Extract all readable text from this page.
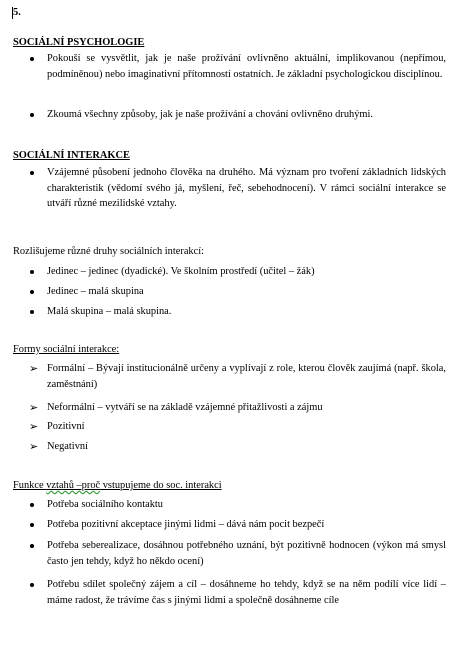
5.
SOCIÁLNÍ PSYCHOLOGIE
Pokouší se vysvětlit, jak je naše prožívání ovlivněno aktuální, implikovanou (nepřímou, podmíněnou) nebo imaginativní přítomností ostatních. Je základní psychologickou disciplínou.
Zkoumá všechny způsoby, jak je naše prožívání a chování ovlivněno druhými.
SOCIÁLNÍ INTERAKCE
Vzájemné působení jednoho člověka na druhého. Má význam pro tvoření základních lidských charakteristik (vědomí svého já, myšlení, řeč, sebehodnocení). V rámci sociální interakce se utváří různé mezilidské vztahy.
Rozlišujeme různé druhy sociálních interakcí:
Jedinec – jedinec (dyadické). Ve školním prostředí (učitel – žák)
Jedinec – malá skupina
Malá skupina – malá skupina.
Formy sociální interakce:
➢ Formální – Bývají institucionálně určeny a vyplívají z role, kterou člověk zaujímá (např. škola, zaměstnání)
➢ Neformální – vytváří se na základě vzájemné přitažlivosti a zájmu
➢ Pozitivní
➢ Negativní
Funkce vztahů –proč vstupujeme do soc. interakci
Potřeba sociálního kontaktu
Potřeba pozitivní akceptace jinými lidmi – dává nám pocit bezpečí
Potřeba seberealizace, dosáhnou potřebného uznání, být pozitivně hodnocen (výkon má smysl často jen tehdy, když ho někdo ocení)
Potřebu sdílet společný zájem a cíl – dosáhneme ho tehdy, když se na něm podílí více lidí – máme radost, že trávíme čas s jinými lidmi a společně dosáhneme cíle
